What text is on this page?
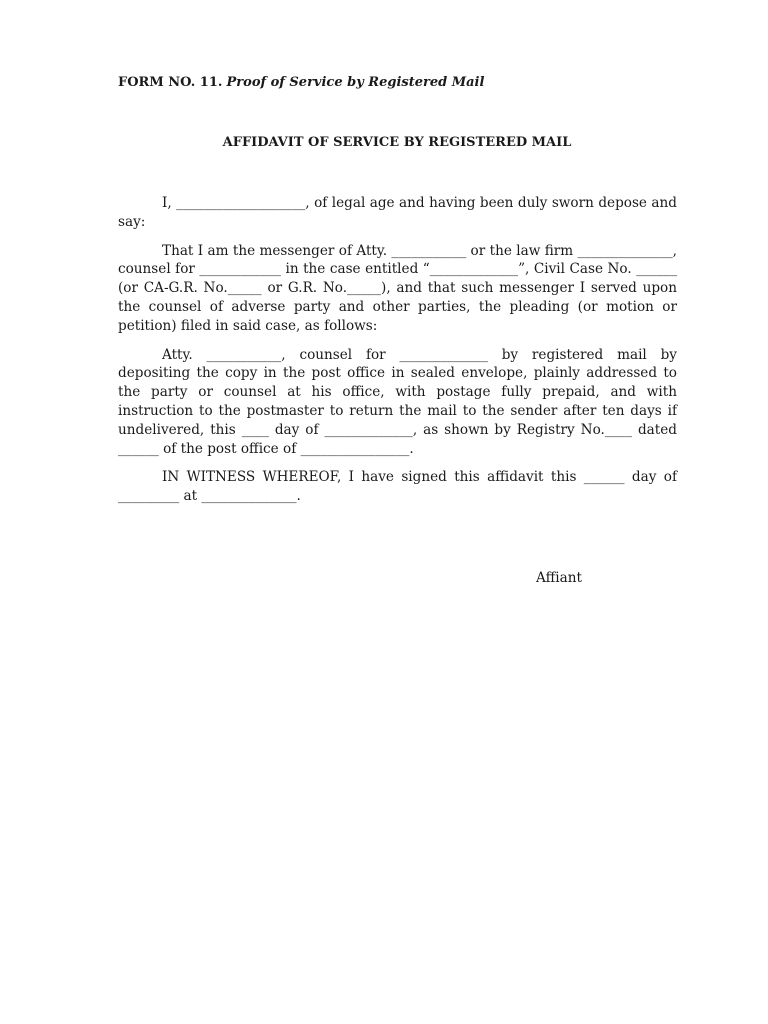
FORM NO. 11. Proof of Service by Registered Mail
AFFIDAVIT OF SERVICE BY REGISTERED MAIL

I, ___________________, of legal age and having been duly sworn depose and say:

That I am the messenger of Atty. ___________ or the law firm ______________, counsel for ____________ in the case entitled “_____________”, Civil Case No. ______ (or CA-G.R. No._____ or G.R. No._____), and that such messenger I served upon the counsel of adverse party and other parties, the pleading (or motion or petition) filed in said case, as follows:

Atty. ___________, counsel for _____________ by registered mail by depositing the copy in the post office in sealed envelope, plainly addressed to the party or counsel at his office, with postage fully prepaid, and with instruction to the postmaster to return the mail to the sender after ten days if undelivered, this ____ day of _____________, as shown by Registry No.____ dated ______ of the post office of ________________.

IN WITNESS WHEREOF, I have signed this affidavit this ______ day of _________ at ______________.

Affiant
